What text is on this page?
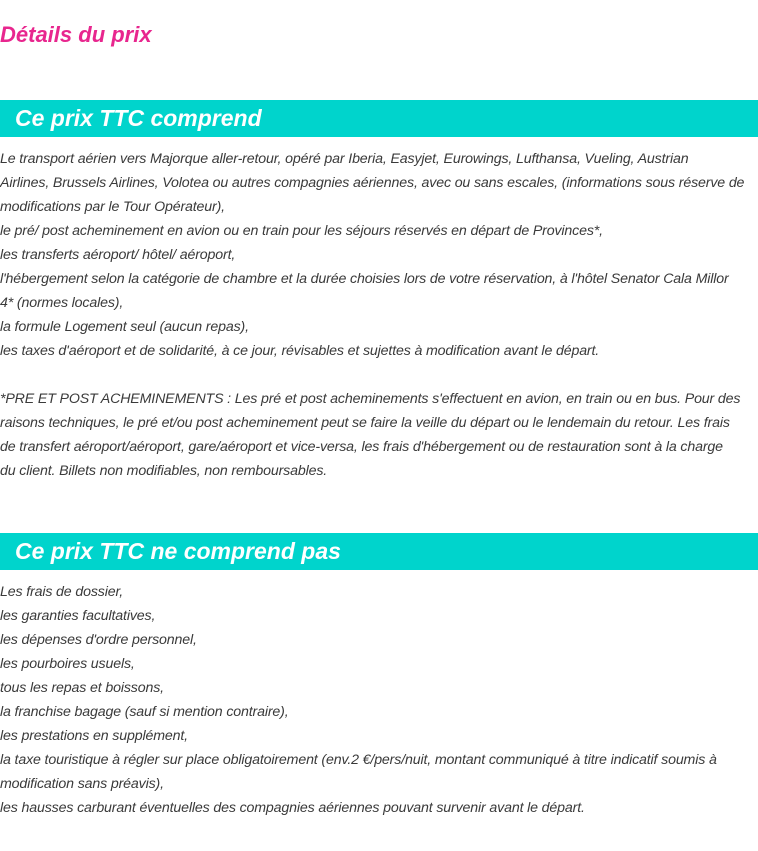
Détails du prix
Ce prix TTC comprend
Le transport aérien vers Majorque aller-retour, opéré par Iberia, Easyjet, Eurowings, Lufthansa, Vueling, Austrian
Airlines, Brussels Airlines, Volotea ou autres compagnies aériennes, avec ou sans escales, (informations sous réserve de
modifications par le Tour Opérateur),
le pré/ post acheminement en avion ou en train pour les séjours réservés en départ de Provinces*,
les transferts aéroport/ hôtel/ aéroport,
l'hébergement selon la catégorie de chambre et la durée choisies lors de votre réservation, à l'hôtel Senator Cala Millor
4* (normes locales),
la formule Logement seul (aucun repas),
les taxes d'aéroport et de solidarité, à ce jour, révisables et sujettes à modification avant le départ.
*PRE ET POST ACHEMINEMENTS : Les pré et post acheminements s'effectuent en avion, en train ou en bus. Pour des
raisons techniques, le pré et/ou post acheminement peut se faire la veille du départ ou le lendemain du retour. Les frais
de transfert aéroport/aéroport, gare/aéroport et vice-versa, les frais d'hébergement ou de restauration sont à la charge
du client. Billets non modifiables, non remboursables.
Ce prix TTC ne comprend pas
Les frais de dossier,
les garanties facultatives,
les dépenses d'ordre personnel,
les pourboires usuels,
tous les repas et boissons,
la franchise bagage (sauf si mention contraire),
les prestations en supplément,
la taxe touristique à régler sur place obligatoirement (env.2 €/pers/nuit, montant communiqué à titre indicatif soumis à
modification sans préavis),
les hausses carburant éventuelles des compagnies aériennes pouvant survenir avant le départ.
